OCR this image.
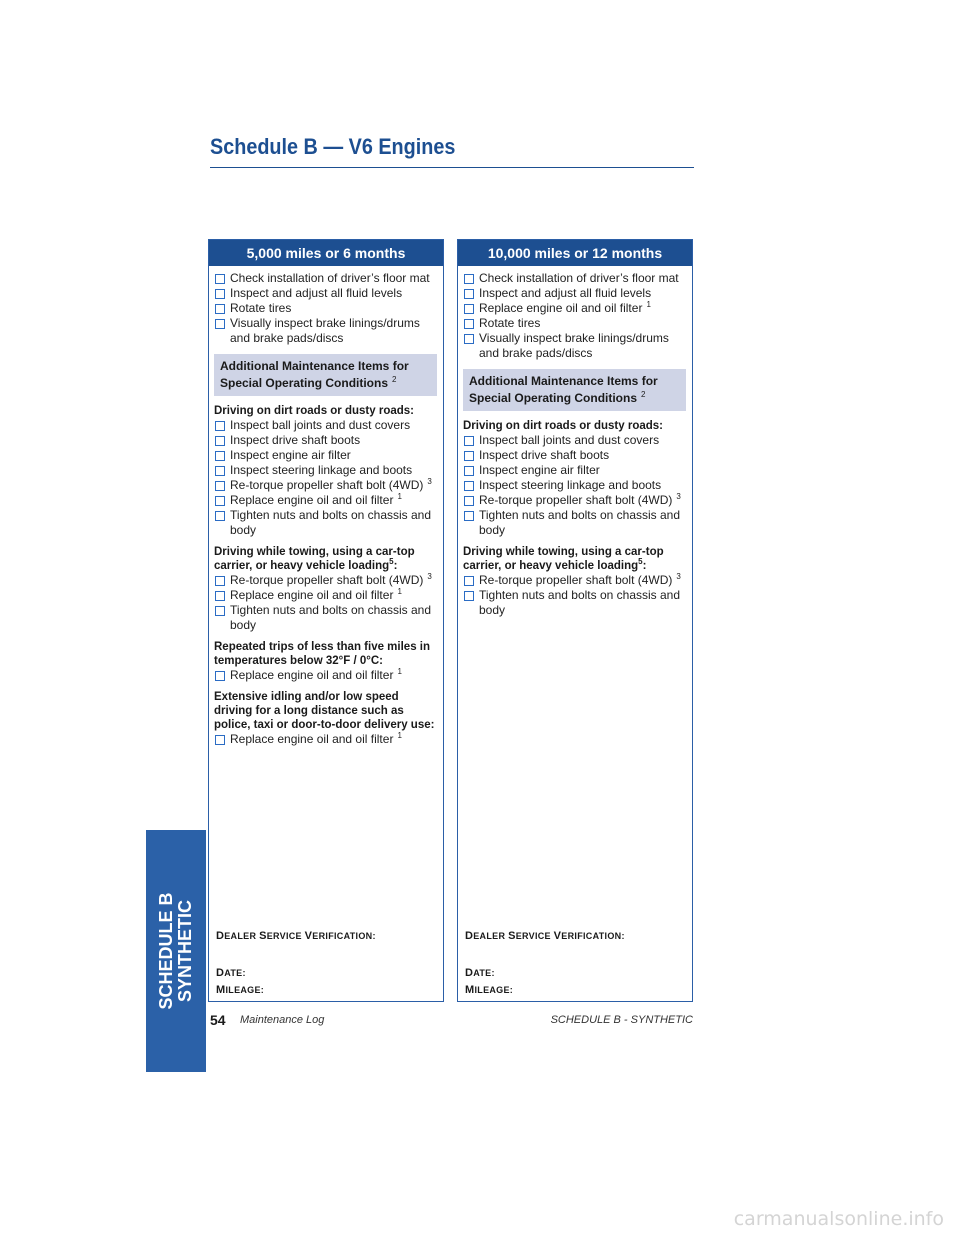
Schedule B — V6 Engines
5,000 miles or 6 months
Check installation of driver’s floor mat
Inspect and adjust all fluid levels
Rotate tires
Visually inspect brake linings/drums and brake pads/discs
Additional Maintenance Items for
Special Operating Conditions $^2$
Driving on dirt roads or dusty roads:
Inspect ball joints and dust covers
Inspect drive shaft boots
Inspect engine air filter
Inspect steering linkage and boots
Re-torque propeller shaft bolt (4WD) $^3$
Replace engine oil and oil filter $^1$
Tighten nuts and bolts on chassis and body
Driving while towing, using a car-top carrier, or heavy vehicle loading$^5$:
Re-torque propeller shaft bolt (4WD) $^3$
Replace engine oil and oil filter $^1$
Tighten nuts and bolts on chassis and body
Repeated trips of less than five miles in temperatures below 32°F / 0°C:
Replace engine oil and oil filter $^1$
Extensive idling and/or low speed driving for a long distance such as police, taxi or door-to-door delivery use:
Replace engine oil and oil filter $^1$
DEALER SERVICE VERIFICATION:
DATE:
MILEAGE:
10,000 miles or 12 months
Check installation of driver’s floor mat
Inspect and adjust all fluid levels
Replace engine oil and oil filter $^1$
Rotate tires
Visually inspect brake linings/drums and brake pads/discs
Additional Maintenance Items for
Special Operating Conditions $^2$
Driving on dirt roads or dusty roads:
Inspect ball joints and dust covers
Inspect drive shaft boots
Inspect engine air filter
Inspect steering linkage and boots
Re-torque propeller shaft bolt (4WD) $^3$
Tighten nuts and bolts on chassis and body
Driving while towing, using a car-top carrier, or heavy vehicle loading$^5$:
Re-torque propeller shaft bolt (4WD) $^3$
Tighten nuts and bolts on chassis and body
DEALER SERVICE VERIFICATION:
DATE:
MILEAGE:
SCHEDULE B SYNTHETIC
54 Maintenance Log	SCHEDULE B - SYNTHETIC
carmanualsonline.info
